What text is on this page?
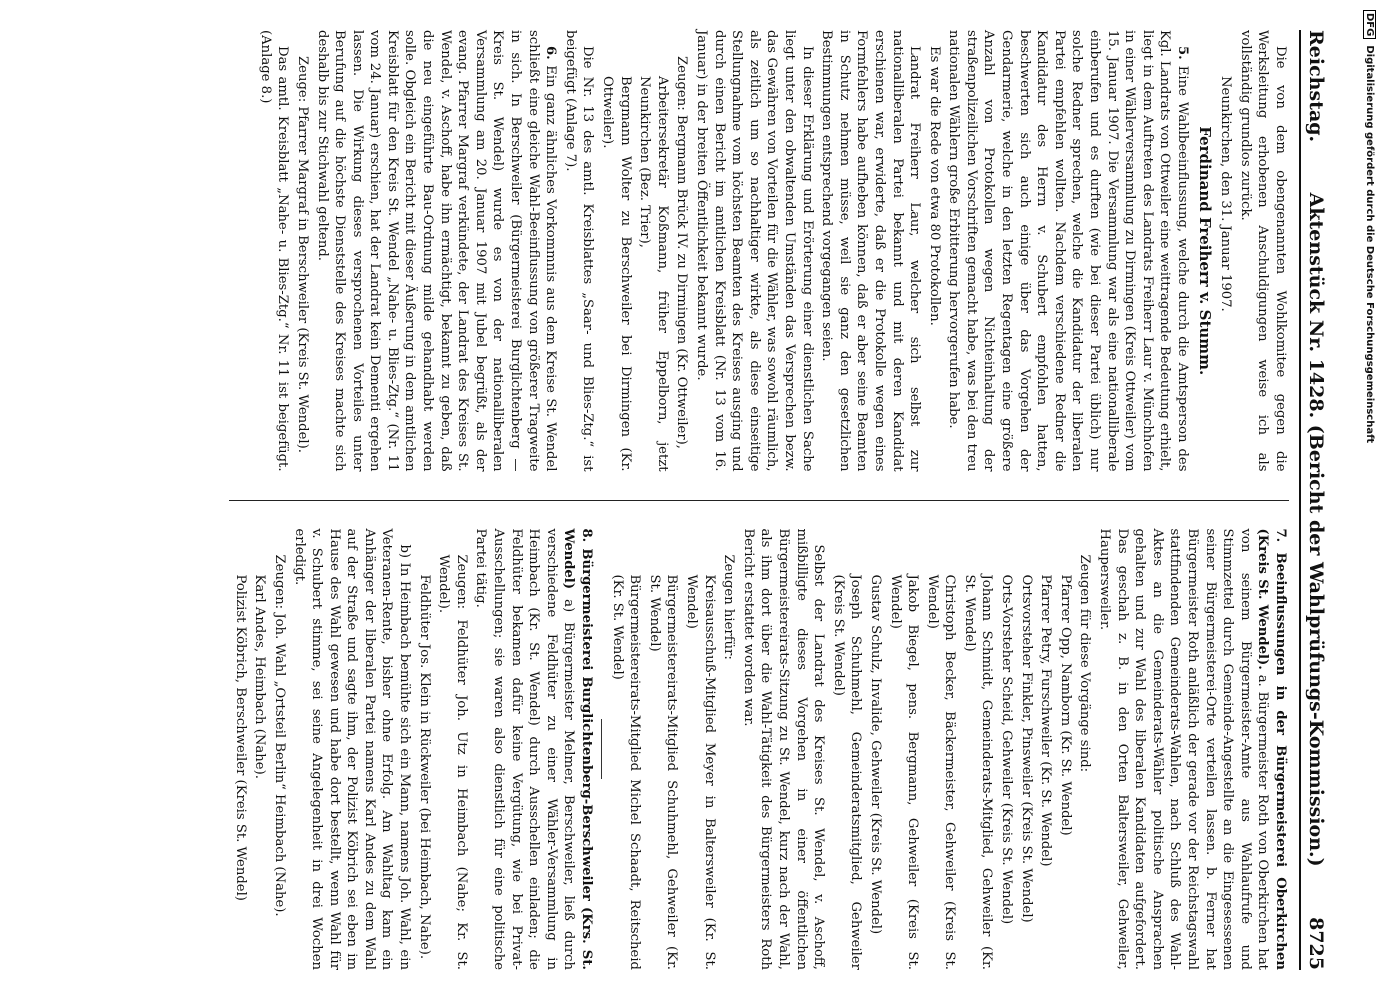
Reichstag.
Aktenstück Nr. 1428. (Bericht der Wahlprüfungs-Kommission.)
8725

Die von dem obengenannten Wohlkomitee gegen die Werksleitung erhobenen Anschuldigungen weise ich als vollständig grundlos zurück.

Neunkirchen, den 31. Januar 1907.

Ferdinand Freiherr v. Stumm.

5. Eine Wahlbeeinflussung, welche durch die Amtsperson des Kgl. Landrats von Ottweiler eine weittragende Bedeutung erhielt, liegt in dem Auftreten des Landrats Freiherr Laur v. Münchhofen in einer Wählerversammlung zu Dirmingen (Kreis Ottweiler) vom 15. Januar 1907. Die Versammlung war als eine nationalliberale einberufen und es durften (wie bei dieser Partei üblich) nur solche Redner sprechen, welche die Kandidatur der liberalen Partei empfehlen wollten. Nachdem verschiedene Redner die Kandidatur des Herrn v. Schubert empfohlen hatten, beschwerten sich auch einige über das Vorgehen der Gendarmerie, welche in den letzten Regentagen eine größere Anzahl von Protokollen wegen Nichteinhaltung der straßenpolizeilichen Vorschriften gemacht habe, was bei den treu nationalen Wählern große Erbitterung hervorgerufen habe.

Es war die Rede von etwa 80 Protokollen.

Landrat Freiherr Laur, welcher sich selbst zur nationalliberalen Partei bekannt und mit deren Kandidat erschienen war, erwiderte, daß er die Protokolle wegen eines Formfehlers habe aufheben können, daß er aber seine Beamten in Schutz nehmen müsse, weil sie ganz den gesetzlichen Bestimmungen entsprechend vorgegangen seien.

In dieser Erklärung und Erörterung einer dienstlichen Sache liegt unter den obwaltenden Umständen das Versprechen bezw. das Gewähren von Vorteilen für die Wähler, was sowohl räumlich, als zeitlich um so nachhaltiger wirkte, als diese einseitige Stellungnahme vom höchsten Beamten des Kreises ausging und durch einen Bericht im amtlichen Kreisblatt (Nr. 13 vom 16. Januar) in der breiten Öffentlichkeit bekannt wurde.

Zeugen: Bergmann Brück IV. zu Dirmingen (Kr. Ottweiler),

Arbeitersekretär Koßmann, früher Eppelborn, jetzt Neunkirchen (Bez. Trier),

Bergmann Wolter zu Berschweiler bei Dirmingen (Kr. Ottweiler).

Die Nr. 13 des amtl. Kreisblattes „Saar- und Blies-Ztg.“ ist beigefügt (Anlage 7).

6. Ein ganz ähnliches Vorkommnis aus dem Kreise St. Wendel schließt eine gleiche Wahl-Beeinflussung von größerer Tragweite in sich. In Berschweiler (Bürgermeisterei Burglichtenberg — Kreis St. Wendel) wurde es von der nationalliberalen Versammlung am 20. Januar 1907 mit Jubel begrüßt, als der evang. Pfarrer Margraf verkündete, der Landrat des Kreises St. Wendel, v. Aschoff, habe ihn ermächtigt, bekannt zu geben, daß die neu eingeführte Bau-Ordnung milde gehandhabt werden solle. Obgleich ein Bericht mit dieser Äußerung in dem amtlichen Kreisblatt für den Kreis St. Wendel „Nahe- u. Blies-Ztg.“ (Nr. 11 vom 24. Januar) erschien, hat der Landrat kein Dementi ergehen lassen. Die Wirkung dieses versprochenen Vorteiles unter Berufung auf die höchste Dienststelle des Kreises machte sich deshalb bis zur Stichwahl geltend.

Zeuge: Pfarrer Margraf in Berschweiler (Kreis St. Wendel).

Das amtl. Kreisblatt „Nahe- u. Blies-Ztg.“ Nr. 11 ist beigefügt. (Anlage 8.)

7. Beeinflussungen in der Bürgermeisterei Oberkirchen (Kreis St. Wendel). a. Bürgermeister Roth von Oberkirchen hat von seinem Bürgermeister-Amte aus Wahlaufrufe und Stimmzettel durch Gemeinde-Angestellte an die Eingesessenen seiner Bürgermeisterei-Orte verteilen lassen. b. Ferner hat Bürgermeister Roth anläßlich der gerade vor der Reichstagswahl stattfindenden Gemeinderats-Wahlen, nach Schluß des Wahl-Aktes an die Gemeinderats-Wähler politische Ansprachen gehalten und zur Wahl des liberalen Kandidaten aufgefordert. Das geschah z. B. in den Orten Baltersweiler, Gehweiler, Haupersweiler.

Zeugen für diese Vorgänge sind:

Pfarrer Opp, Namborn (Kr. St. Wendel)

Pfarrer Petry, Furschweiler (Kr. St. Wendel)

Ortsvorsteher Finkler, Pinsweiler (Kreis St. Wendel)

Orts-Vorsteher Scheid, Gehweiler (Kreis St. Wendel)

Johann Schmidt, Gemeinderats-Mitglied, Gehweiler (Kr. St. Wendel)

Christoph Becker, Bäckermeister, Gehweiler (Kreis St. Wendel)

Jakob Biegel, pens. Bergmann, Gehweiler (Kreis St. Wendel)

Gustav Schulz, Invalide, Gehweiler (Kreis St. Wendel)

Joseph Schuhmehl, Gemeinderatsmitglied, Gehweiler (Kreis St. Wendel)

Selbst der Landrat des Kreises St. Wendel, v. Aschoff, mißbilligte dieses Vorgehen in einer öffentlichen Bürgermeistereirats-Sitzung zu St. Wendel, kurz nach der Wahl, als ihm dort über die Wahl-Tätigkeit des Bürgermeisters Roth Bericht erstattet worden war.

Zeugen hierfür:

Kreisausschuß-Mitglied Meyer in Baltersweiler (Kr. St. Wendel)

Bürgermeistereirats-Mitglied Schuhmehl, Gehweiler (Kr. St. Wendel)

Bürgermeistereirats-Mitglied Michel Schaadt, Reitscheid (Kr. St. Wendel)

8. Bürgermeisterei Burglichtenberg-Berschweiler (Krs. St. Wendel) a) Bürgermeister Melmer, Berschweiler, ließ durch verschiedene Feldhüter zu einer Wähler-Versammlung in Heimbach (Kr. St. Wendel) durch Ausschellen einladen; die Feldhüter bekamen dafür keine Vergütung, wie bei Privat-Ausschellungen; sie waren also dienstlich für eine politische Partei tätig.

Zeugen: Feldhüter Joh. Utz in Heimbach (Nahe; Kr. St. Wendel).

Feldhüter Jos. Klein in Rückweiler (bei Heimbach, Nahe).

b) In Heimbach bemühte sich ein Mann, namens Joh. Wahl, ein Veteranen-Rente, bisher ohne Erfolg. Am Wahltag kam ein Anhänger der liberalen Partei namens Karl Andes zu dem Wahl auf der Straße und sagte ihm, der Polizist Köbrich sei eben im Hause des Wahl gewesen und habe dort bestellt, wenn Wahl für v. Schubert stimme, sei seine Angelegenheit in drei Wochen erledigt.

Zeugen: Joh. Wahl „Ortsteil Berlin“ Heimbach (Nahe).

Karl Andes, Heimbach (Nahe).

Polizist Köbrich, Berschweiler (Kreis St. Wendel)

DFGDigitalisierung gefördert durch die Deutsche Forschungsgemeinschaft
